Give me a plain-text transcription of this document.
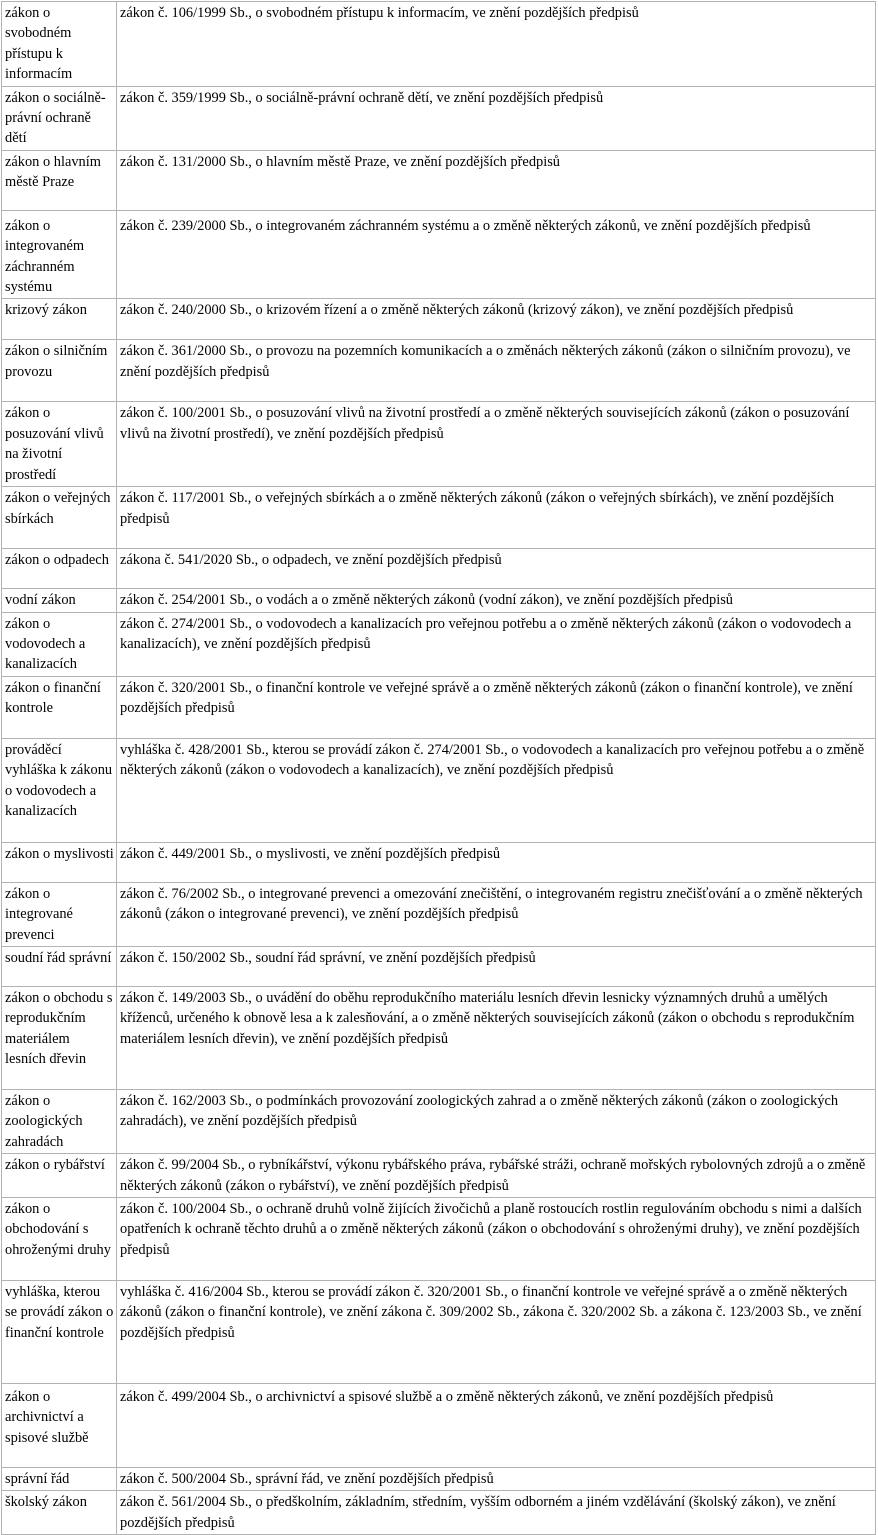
zákon o svobodném přístupu k informacím	zákon č. 106/1999 Sb., o svobodném přístupu k informacím, ve znění pozdějších předpisů
zákon o sociálně-právní ochraně dětí	zákon č. 359/1999 Sb., o sociálně-právní ochraně dětí, ve znění pozdějších předpisů
zákon o hlavním městě Praze	zákon č. 131/2000 Sb., o hlavním městě Praze, ve znění pozdějších předpisů
zákon o integrovaném záchranném systému	zákon č. 239/2000 Sb., o integrovaném záchranném systému a o změně některých zákonů, ve znění pozdějších předpisů
krizový zákon	zákon č. 240/2000 Sb., o krizovém řízení a o změně některých zákonů (krizový zákon), ve znění pozdějších předpisů
zákon o silničním provozu	zákon č. 361/2000 Sb., o provozu na pozemních komunikacích a o změnách některých zákonů (zákon o silničním provozu), ve znění pozdějších předpisů
zákon o posuzování vlivů na životní prostředí	zákon č. 100/2001 Sb., o posuzování vlivů na životní prostředí a o změně některých souvisejících zákonů (zákon o posuzování vlivů na životní prostředí), ve znění pozdějších předpisů
zákon o veřejných sbírkách	zákon č. 117/2001 Sb., o veřejných sbírkách a o změně některých zákonů (zákon o veřejných sbírkách), ve znění pozdějších předpisů
zákon o odpadech	zákona č. 541/2020 Sb., o odpadech, ve znění pozdějších předpisů
vodní zákon	zákon č. 254/2001 Sb., o vodách a o změně některých zákonů (vodní zákon), ve znění pozdějších předpisů
zákon o vodovodech a kanalizacích	zákon č. 274/2001 Sb., o vodovodech a kanalizacích pro veřejnou potřebu a o změně některých zákonů (zákon o vodovodech a kanalizacích), ve znění pozdějších předpisů
zákon o finanční kontrole	zákon č. 320/2001 Sb., o finanční kontrole ve veřejné správě a o změně některých zákonů (zákon o finanční kontrole), ve znění pozdějších předpisů
prováděcí vyhláška k zákonu o vodovodech a kanalizacích	vyhláška č. 428/2001 Sb., kterou se provádí zákon č. 274/2001 Sb., o vodovodech a kanalizacích pro veřejnou potřebu a o změně některých zákonů (zákon o vodovodech a kanalizacích), ve znění pozdějších předpisů
zákon o myslivosti	zákon č. 449/2001 Sb., o myslivosti, ve znění pozdějších předpisů
zákon o integrované prevenci	zákon č. 76/2002 Sb., o integrované prevenci a omezování znečištění, o integrovaném registru znečišťování a o změně některých zákonů (zákon o integrované prevenci), ve znění pozdějších předpisů
soudní řád správní	zákon č. 150/2002 Sb., soudní řád správní, ve znění pozdějších předpisů
zákon o obchodu s reprodukčním materiálem lesních dřevin	zákon č. 149/2003 Sb., o uvádění do oběhu reprodukčního materiálu lesních dřevin lesnicky významných druhů a umělých kříženců, určeného k obnově lesa a k zalesňování, a o změně některých souvisejících zákonů (zákon o obchodu s reprodukčním materiálem lesních dřevin), ve znění pozdějších předpisů
zákon o zoologických zahradách	zákon č. 162/2003 Sb., o podmínkách provozování zoologických zahrad a o změně některých zákonů (zákon o zoologických zahradách), ve znění pozdějších předpisů
zákon o rybářství	zákon č. 99/2004 Sb., o rybníkářství, výkonu rybářského práva, rybářské stráži, ochraně mořských rybolovných zdrojů a o změně některých zákonů (zákon o rybářství), ve znění pozdějších předpisů
zákon o obchodování s ohroženými druhy	zákon č. 100/2004 Sb., o ochraně druhů volně žijících živočichů a planě rostoucích rostlin regulováním obchodu s nimi a dalších opatřeních k ochraně těchto druhů a o změně některých zákonů (zákon o obchodování s ohroženými druhy), ve znění pozdějších předpisů
vyhláška, kterou se provádí zákon o finanční kontrole	vyhláška č. 416/2004 Sb., kterou se provádí zákon č. 320/2001 Sb., o finanční kontrole ve veřejné správě a o změně některých zákonů (zákon o finanční kontrole), ve znění zákona č. 309/2002 Sb., zákona č. 320/2002 Sb. a zákona č. 123/2003 Sb., ve znění pozdějších předpisů
zákon o archivnictví a spisové službě	zákon č. 499/2004 Sb., o archivnictví a spisové službě a o změně některých zákonů, ve znění pozdějších předpisů
správní řád	zákon č. 500/2004 Sb., správní řád, ve znění pozdějších předpisů
školský zákon	zákon č. 561/2004 Sb., o předškolním, základním, středním, vyšším odborném a jiném vzdělávání (školský zákon), ve znění pozdějších předpisů
